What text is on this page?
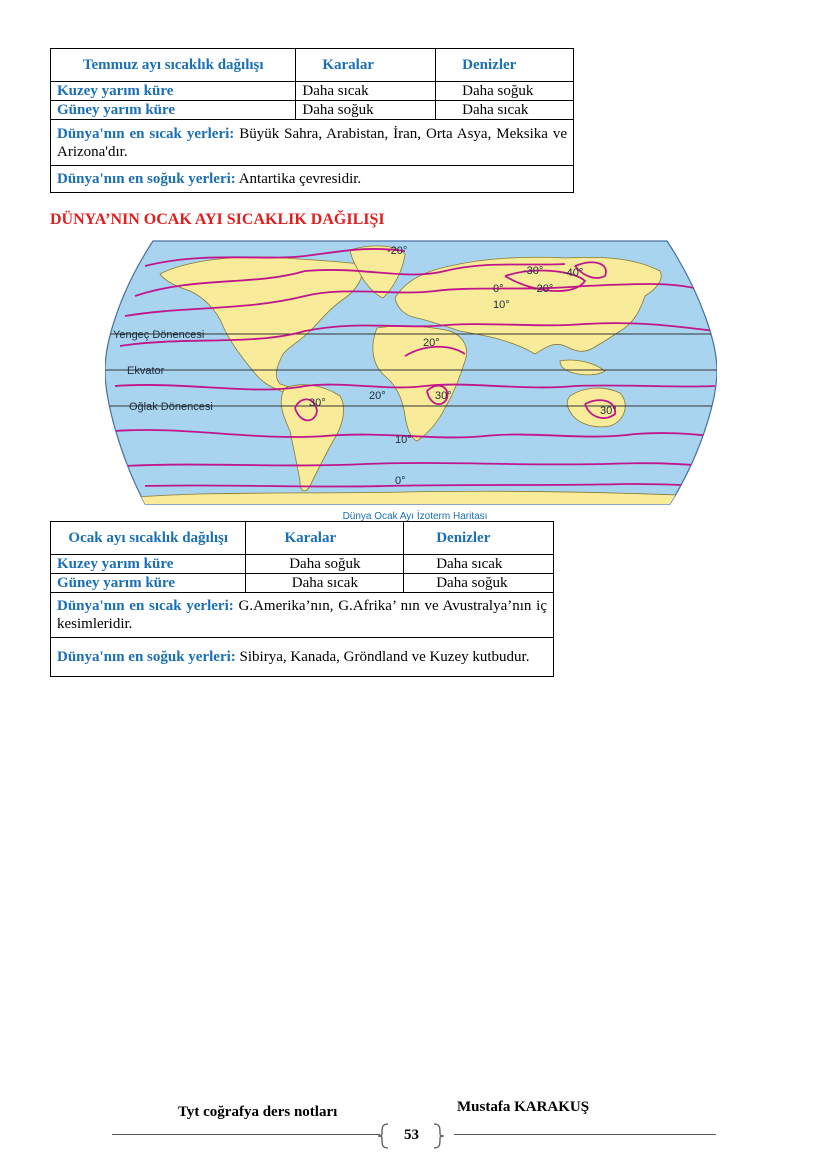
Temmuz ayı sıcaklık dağılışı	Karalar	Denizler
Kuzey yarım küre	Daha sıcak	Daha soğuk
Güney yarım küre	Daha soğuk	Daha sıcak
Dünya'nın en sıcak yerleri: Büyük Sahra, Arabistan, İran, Orta Asya, Meksika ve Arizona'dır.		
Dünya'nın en soğuk yerleri: Antartika çevresidir.		
DÜNYA’NIN OCAK AYI SICAKLIK DAĞILIŞI
Yengeç Dönencesi
Ekvator
Oğlak Dönencesi
-20°
-30° -40°
0°	-20°
10°
20°
30°
20°	30°
30°
10°
0°
Dünya Ocak Ayı İzoterm Haritası
Ocak ayı sıcaklık dağılışı	Karalar	Denizler
Kuzey yarım küre	Daha soğuk	Daha sıcak
Güney yarım küre	Daha sıcak	Daha soğuk
Dünya'nın en sıcak yerleri: G.Amerika’nın, G.Afrika’ nın ve Avustralya’nın iç kesimleridir.		
Dünya'nın en soğuk yerleri: Sibirya, Kanada, Gröndland ve Kuzey kutbudur.		
Tyt coğrafya ders notları	Mustafa KARAKUŞ
53
